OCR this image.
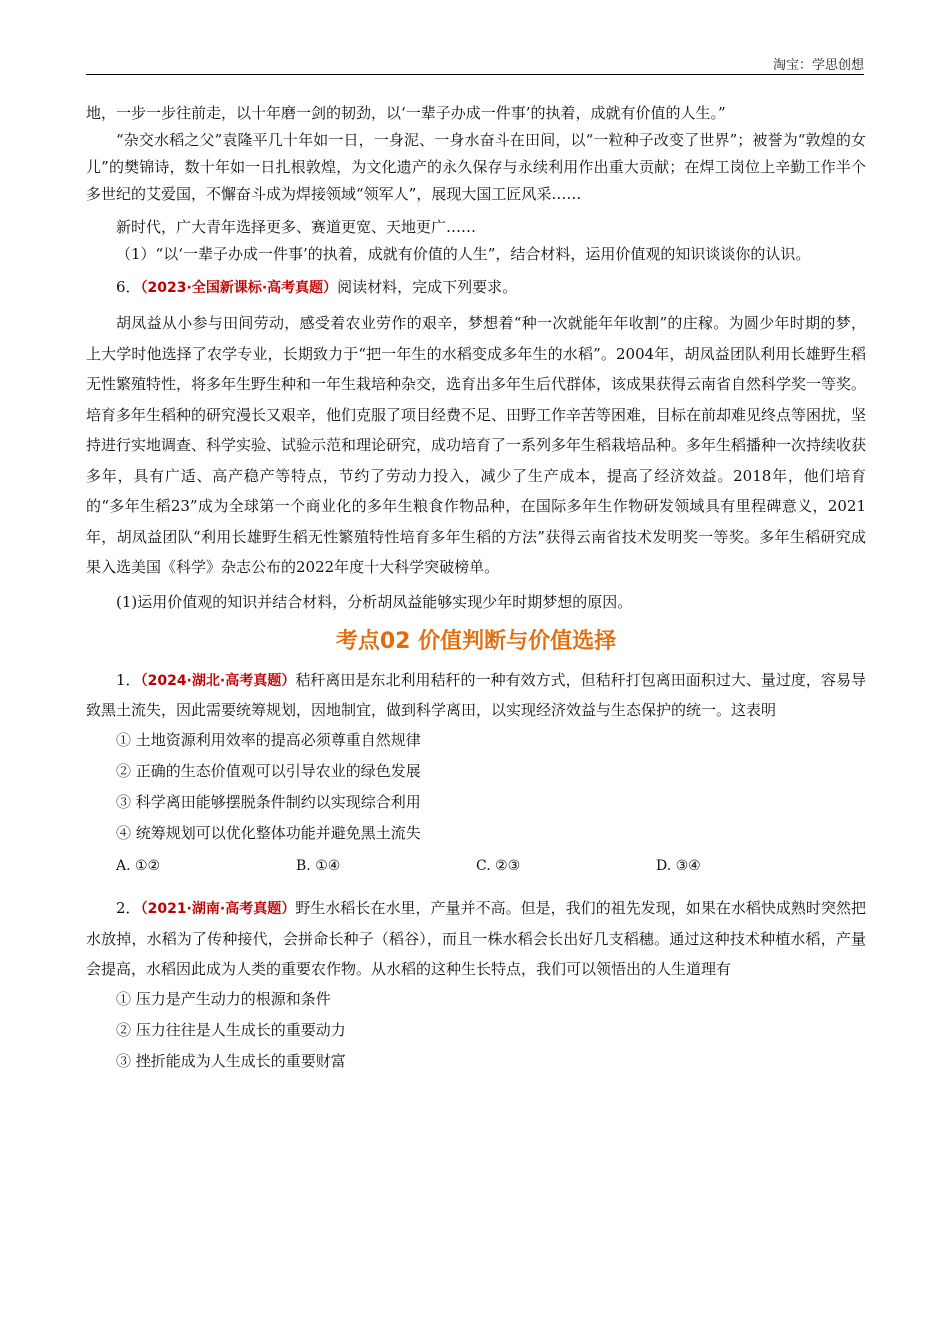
淘宝：学思创想

地，一步一步往前走，以十年磨一剑的韧劲，以‘一辈子办成一件事’的执着，成就有价值的人生。”

“杂交水稻之父”袁隆平几十年如一日，一身泥、一身水奋斗在田间，以“一粒种子改变了世界”；被誉为“敦煌的女儿”的樊锦诗，数十年如一日扎根敦煌，为文化遗产的永久保存与永续利用作出重大贡献；在焊工岗位上辛勤工作半个多世纪的艾爱国，不懈奋斗成为焊接领域“领军人”，展现大国工匠风采……

新时代，广大青年选择更多、赛道更宽、天地更广……

（1）“以‘一辈子办成一件事’的执着，成就有价值的人生”，结合材料，运用价值观的知识谈谈你的认识。

6．（2023·全国新课标·高考真题）阅读材料，完成下列要求。

胡凤益从小参与田间劳动，感受着农业劳作的艰辛，梦想着“种一次就能年年收割”的庄稼。为圆少年时期的梦，上大学时他选择了农学专业，长期致力于“把一年生的水稻变成多年生的水稻”。2004年，胡凤益团队利用长雄野生稻无性繁殖特性，将多年生野生种和一年生栽培种杂交，选育出多年生后代群体，该成果获得云南省自然科学奖一等奖。培育多年生稻种的研究漫长又艰辛，他们克服了项目经费不足、田野工作辛苦等困难，目标在前却难见终点等困扰，坚持进行实地调查、科学实验、试验示范和理论研究，成功培育了一系列多年生稻栽培品种。多年生稻播种一次持续收获多年，具有广适、高产稳产等特点，节约了劳动力投入，减少了生产成本，提高了经济效益。2018年，他们培育的“多年生稻23”成为全球第一个商业化的多年生粮食作物品种，在国际多年生作物研发领域具有里程碑意义，2021年，胡凤益团队“利用长雄野生稻无性繁殖特性培育多年生稻的方法”获得云南省技术发明奖一等奖。多年生稻研究成果入选美国《科学》杂志公布的2022年度十大科学突破榜单。

(1)运用价值观的知识并结合材料，分析胡凤益能够实现少年时期梦想的原因。

考点02 价值判断与价值选择

1．（2024·湖北·高考真题）秸秆离田是东北利用秸秆的一种有效方式，但秸秆打包离田面积过大、量过度，容易导致黑土流失，因此需要统筹规划，因地制宜，做到科学离田，以实现经济效益与生态保护的统一。这表明

① 土地资源利用效率的提高必须尊重自然规律
② 正确的生态价值观可以引导农业的绿色发展
③ 科学离田能够摆脱条件制约以实现综合利用
④ 统筹规划可以优化整体功能并避免黑土流失
A. ①②	B. ①④	C. ②③	D. ③④

2．（2021·湖南·高考真题）野生水稻长在水里，产量并不高。但是，我们的祖先发现，如果在水稻快成熟时突然把水放掉，水稻为了传种接代，会拼命长种子（稻谷），而且一株水稻会长出好几支稻穗。通过这种技术种植水稻，产量会提高，水稻因此成为人类的重要农作物。从水稻的这种生长特点，我们可以领悟出的人生道理有

① 压力是产生动力的根源和条件
② 压力往往是人生成长的重要动力
③ 挫折能成为人生成长的重要财富
